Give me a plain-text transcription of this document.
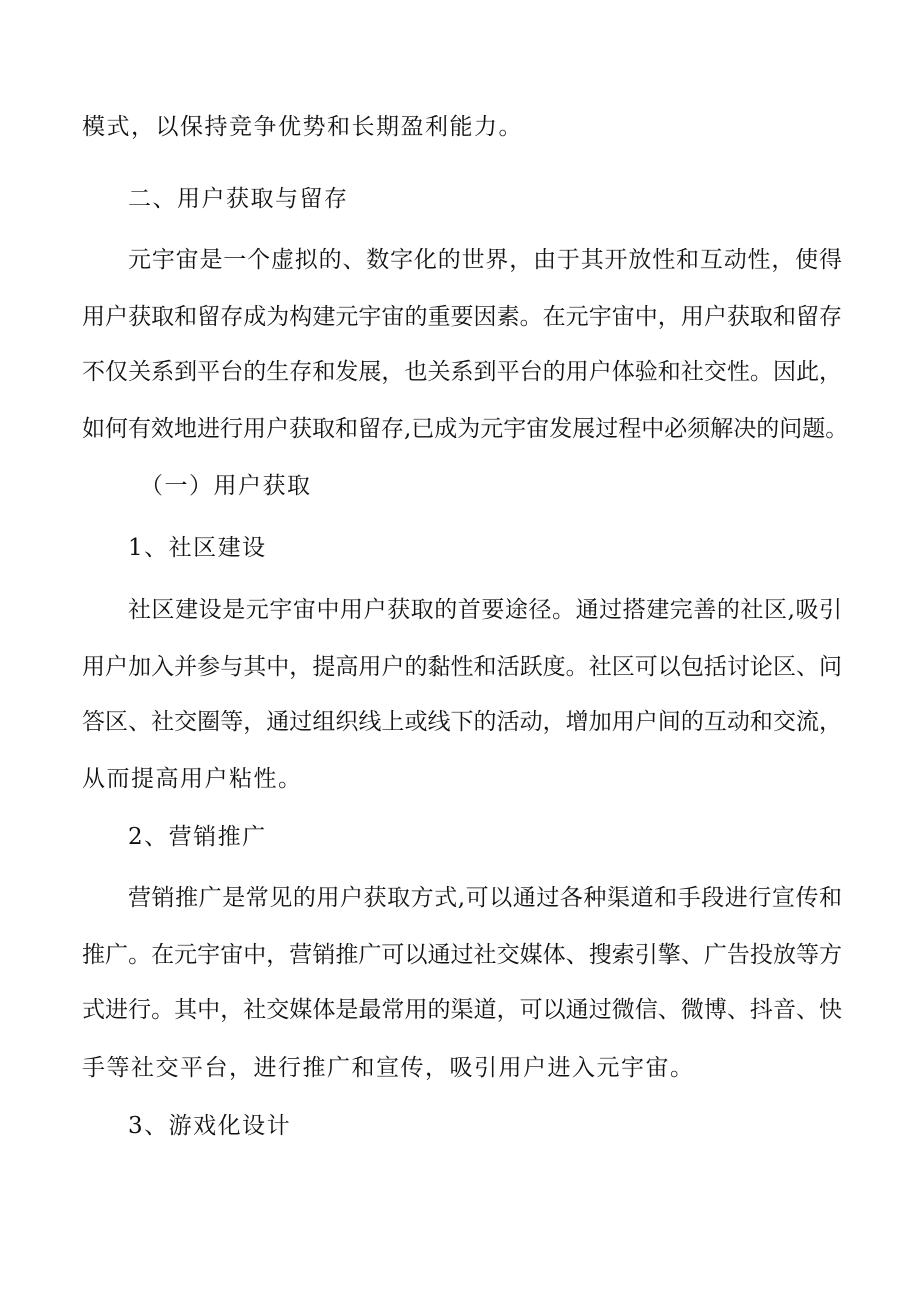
模式，以保持竞争优势和长期盈利能力。
二、用户获取与留存
元宇宙是一个虚拟的、数字化的世界，由于其开放性和互动性，使得
用户获取和留存成为构建元宇宙的重要因素。在元宇宙中，用户获取和留存
不仅关系到平台的生存和发展，也关系到平台的用户体验和社交性。因此，
如何有效地进行用户获取和留存,已成为元宇宙发展过程中必须解决的问题。
（一）用户获取
1、社区建设
社区建设是元宇宙中用户获取的首要途径。通过搭建完善的社区,吸引
用户加入并参与其中，提高用户的黏性和活跃度。社区可以包括讨论区、问
答区、社交圈等，通过组织线上或线下的活动，增加用户间的互动和交流，
从而提高用户粘性。
2、营销推广
营销推广是常见的用户获取方式,可以通过各种渠道和手段进行宣传和
推广。在元宇宙中，营销推广可以通过社交媒体、搜索引擎、广告投放等方
式进行。其中，社交媒体是最常用的渠道，可以通过微信、微博、抖音、快
手等社交平台，进行推广和宣传，吸引用户进入元宇宙。
3、游戏化设计
